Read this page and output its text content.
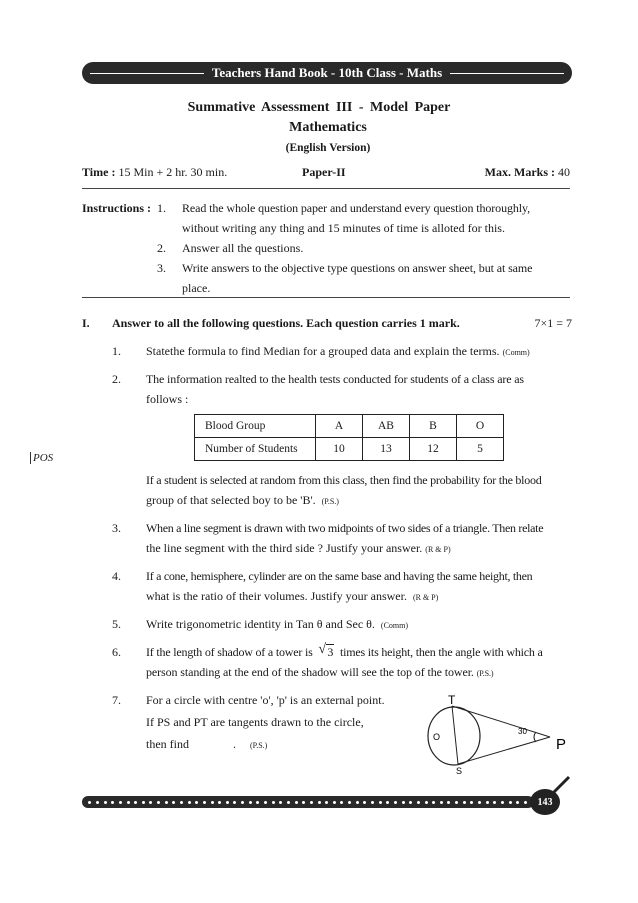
Teachers Hand Book - 10th Class - Maths
Summative Assessment III - Model Paper
Mathematics
(English Version)
Time : 15 Min + 2 hr. 30 min.	Paper-II	Max. Marks : 40
Instructions : 1. Read the whole question paper and understand every question thoroughly,
without writing any thing and 15 minutes of time is alloted for this.
2. Answer all the questions.
3. Write answers to the objective type questions on answer sheet, but at same
place.
I. Answer to all the following questions. Each question carries 1 mark.	7×1 = 7
1. Statethe formula to find Median for a grouped data and explain the terms. (Comm)
2. The information realted to the health tests conducted for students of a class are as
follows :
Blood Group	A	AB	B	O
Number of Students	10	13	12	5
POS
If a student is selected at random from this class, then find the probability for the blood
group of that selected boy to be 'B'. (P.S.)
3. When a line segment is drawn with two midpoints of two sides of a triangle. Then relate
the line segment with the third side ? Justify your answer. (R & P)
4. If a cone, hemisphere, cylinder are on the same base and having the same height, then
what is the ratio of their volumes. Justify your answer. (R & P)
5. Write trigonometric identity in Tan θ and Sec θ. (Comm)
6. If the length of shadow of a tower is √ 3 times its height, then the angle with which a
person standing at the end of the shadow will see the top of the tower. (P.S.)
7. For a circle with centre 'o', 'p' is an external point.
If PS and PT are tangents drawn to the circle,
then find	. (P.S.)
T
O	P
S
30
143
